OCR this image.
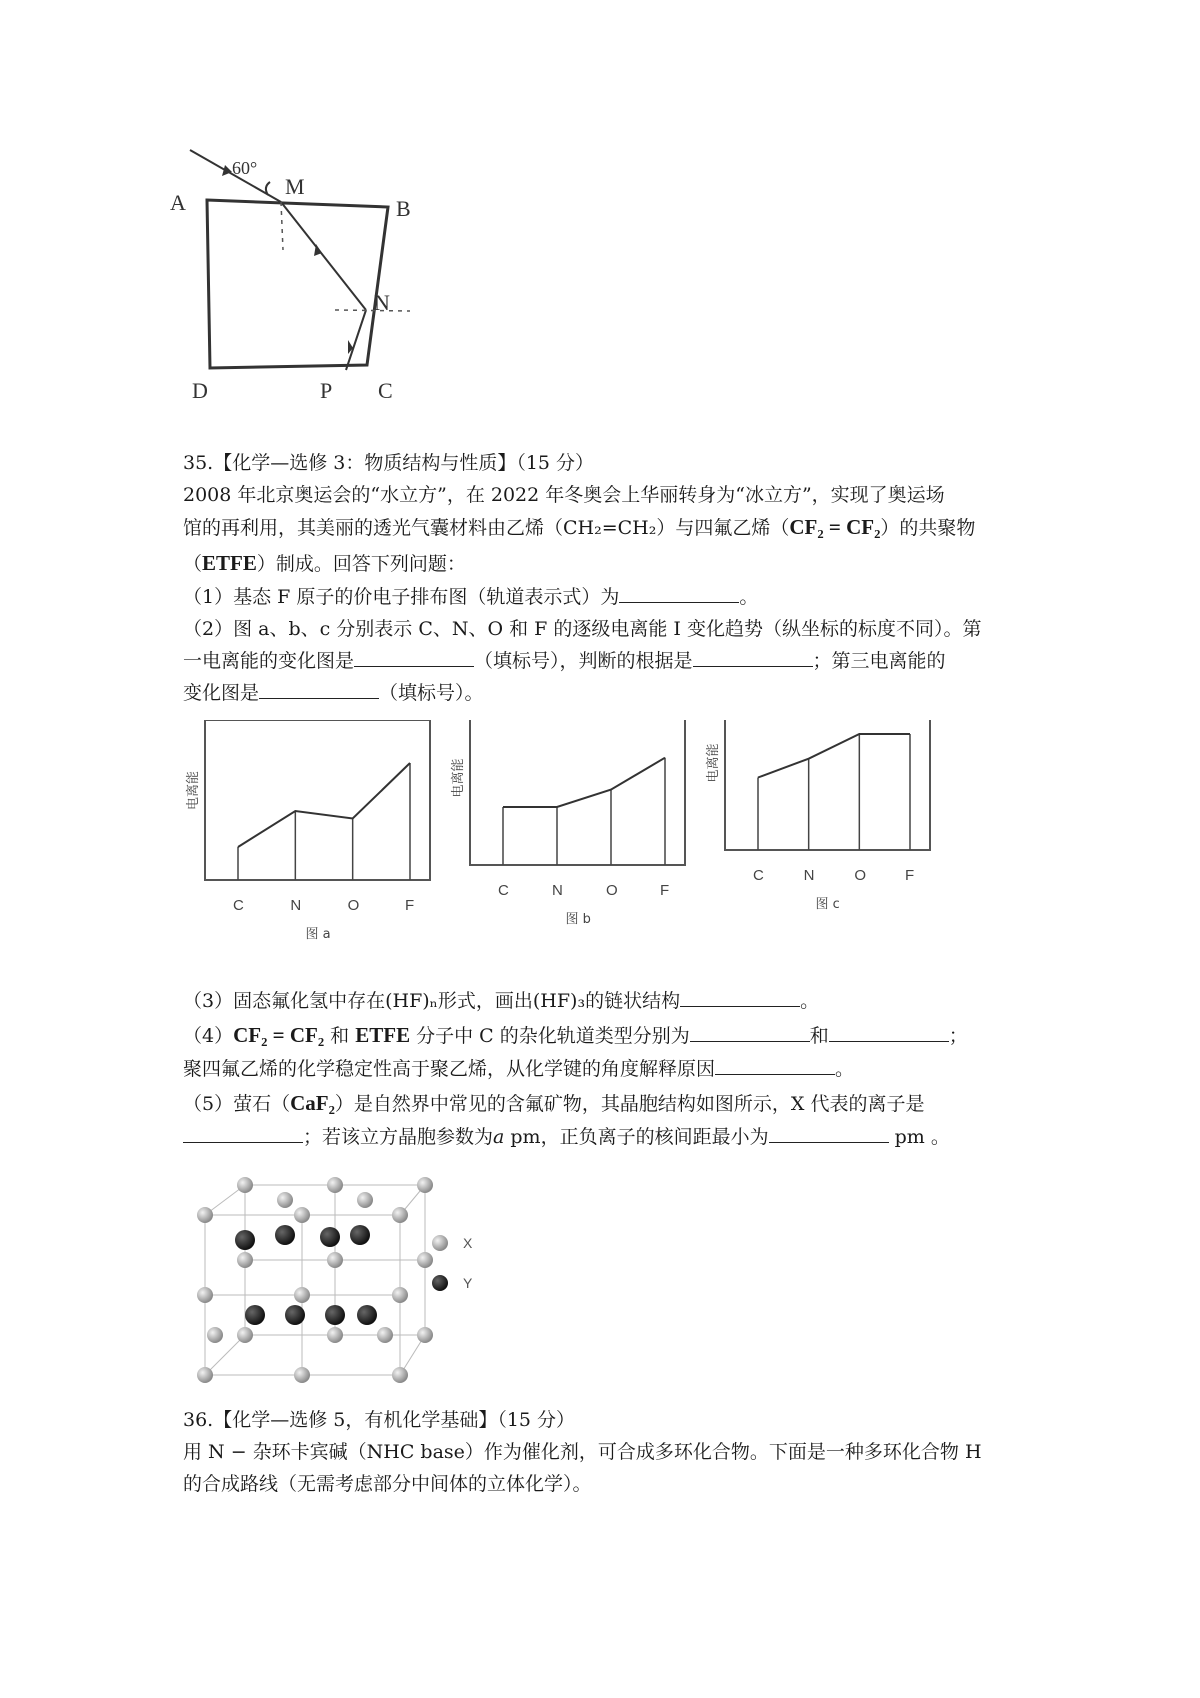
60°
M
A	B
N
D	P C
35.【化学—选修 3：物质结构与性质】（15 分）
2008 年北京奥运会的“水立方”，在 2022 年冬奥会上华丽转身为“冰立方”，实现了奥运场
馆的再利用，其美丽的透光气囊材料由乙烯（CH₂=CH₂）与四氟乙烯（CF₂ = CF₂）的共聚物
（ETFE）制成。回答下列问题：
（1）基态 F 原子的价电子排布图（轨道表示式）为	。
（2）图 a、b、c 分别表示 C、N、O 和 F 的逐级电离能 I 变化趋势（纵坐标的标度不同）。第
一电离能的变化图是	（填标号），判断的根据是	；第三电离能的
变化图是	（填标号）。
C	N	O	F
电离能
图 a
C	N	O	F
电离能
图 b
C	N	O	F
电离能
图 c
（3）固态氟化氢中存在(HF)ₙ形式，画出(HF)₃的链状结构	。
（4）CF₂ = CF₂ 和 ETFE 分子中 C 的杂化轨道类型分别为	和	；
聚四氟乙烯的化学稳定性高于聚乙烯，从化学键的角度解释原因	。
（5）萤石（CaF₂）是自然界中常见的含氟矿物，其晶胞结构如图所示，X 代表的离子是
；若该立方晶胞参数为a pm，正负离子的核间距最小为	pm 。
X
Y
36.【化学—选修 5，有机化学基础】（15 分）
用 N − 杂环卡宾碱（NHC base）作为催化剂，可合成多环化合物。下面是一种多环化合物 H
的合成路线（无需考虑部分中间体的立体化学）。
